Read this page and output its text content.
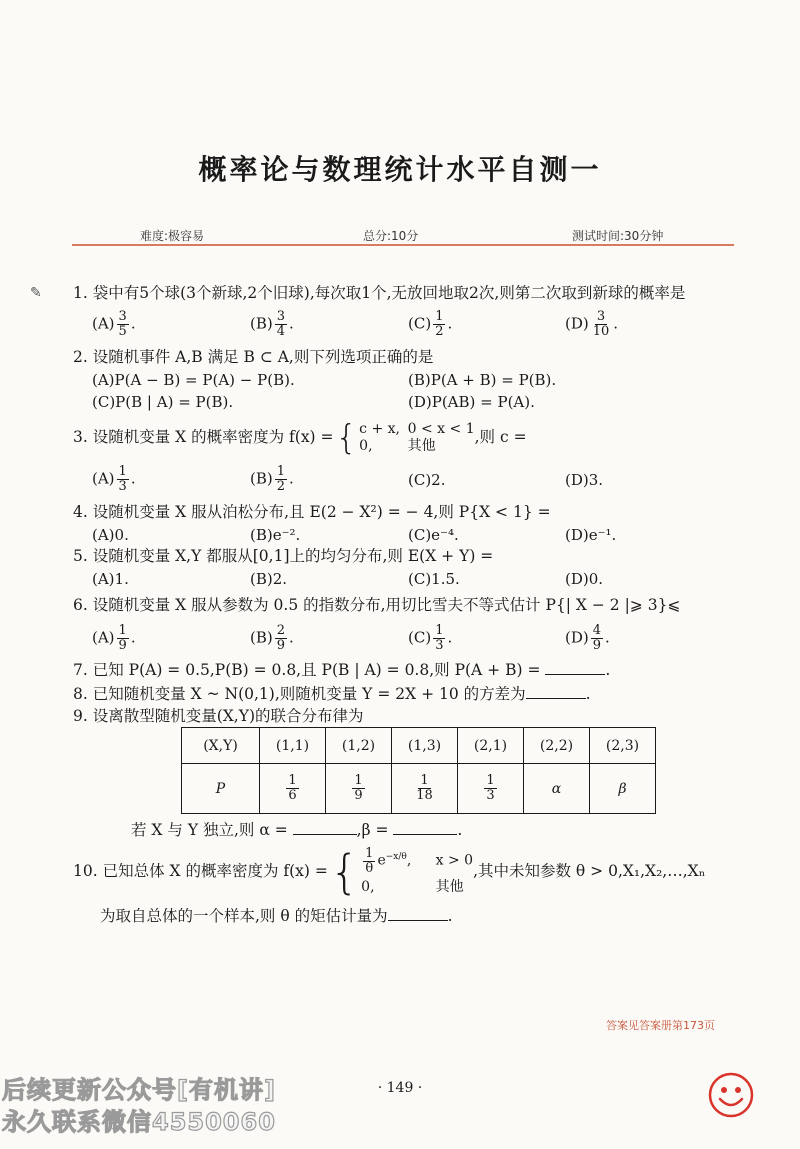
概率论与数理统计水平自测一
难度:极容易	总分:10分	测试时间:30分钟
✎ 1. 袋中有5个球(3个新球,2个旧球),每次取1个,无放回地取2次,则第二次取到新球的概率是
$(A) \frac{3}{5}$ .	$(B) \frac{3}{4}$ .	$(C) \frac{1}{2}$ .	$(D) \frac{3}{10}$ .
2. 设随机事件 A,B 满足 B ⊂ A,则下列选项正确的是
(A)P(A − B) = P(A) − P(B).	(B)P(A + B) = P(B).
(C)P(B | A) = P(B).	(D)P(AB) = P(A).
3. 设随机变量 X 的概率密度为 f(x) ={ c + x, 0 < x < 1
0,	其他	,则 c =
$(A) \frac{1}{3}$ .	$(B) \frac{1}{2}$ .	(C)2.	(D)3.
4. 设随机变量 X 服从泊松分布,且 E(2 − X²) = − 4,则 P{X < 1} =
(A)0.	(B)e⁻².	(C)e⁻⁴.	(D)e⁻¹.
5. 设随机变量 X,Y 都服从[0,1]上的均匀分布,则 E(X + Y) =
(A)1.	(B)2.	(C)1.5.	(D)0.
6. 设随机变量 X 服从参数为 0.5 的指数分布,用切比雪夫不等式估计 P{| X − 2 |⩾ 3}⩽
$(A) \frac{1}{9}$ .	$(B) \frac{2}{9}$ .	$(C) \frac{1}{3}$ .	$(D) \frac{4}{9}$ .
7. 已知 P(A) = 0.5,P(B) = 0.8,且 P(B | A) = 0.8,则 P(A + B) =	.
8. 已知随机变量 X ~ N(0,1),则随机变量 Y = 2X + 10 的方差为	.
9. 设离散型随机变量(X,Y)的联合分布律为
(X,Y)	(1,1)	(1,2)	(1,3)	(2,1)	(2,2)	(2,3)
P	$\frac{1}{6}$	$\frac{1}{9}$	$\frac{1}{18}$	$\frac{1}{3}$	α	β
若 X 与 Y 独立,则 α =	,β =	.
10. 已知总体 X 的概率密度为 f(x) ={ $\frac{1}{\theta} e^{-x/\theta}$, x > 0
0,	其他,其中未知参数 θ > 0,X₁,X₂,…,Xₙ
为取自总体的一个样本,则 θ 的矩估计量为	.
答案见答案册第173页
· 149 ·
后续更新公众号[有机讲]
永久联系微信4550060
